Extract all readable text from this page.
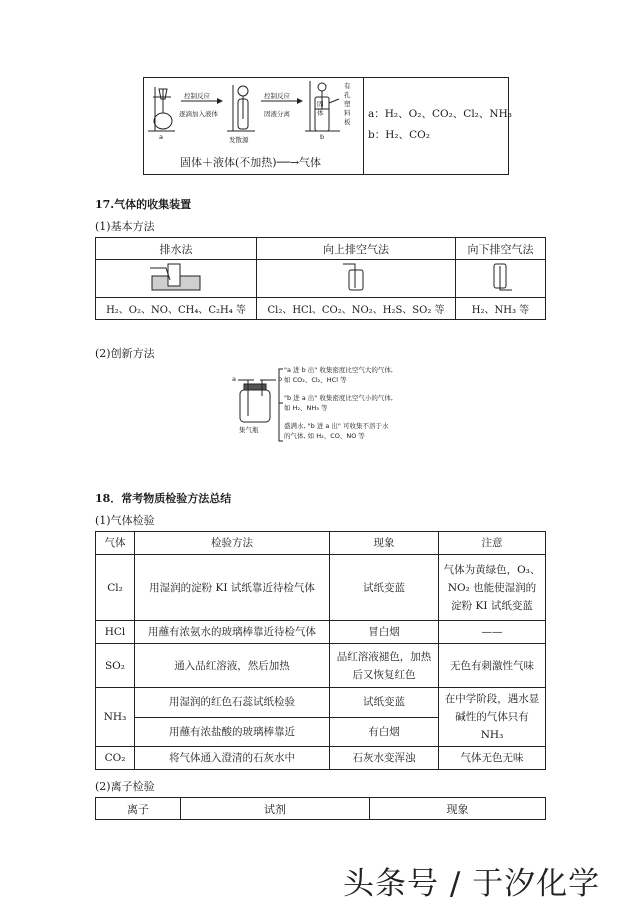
a
控制反应
逐滴加入液体
发散源
控制反应
固液分离
b
固体
有孔塑料板
固体＋液体(不加热)──→气体
a：H₂、O₂、CO₂、Cl₂、NH₃
b：H₂、CO₂
17.气体的收集装置
(1)基本方法
排水法	向上排空气法	向下排空气法

H₂、O₂、NO、CH₄、C₂H₄ 等	Cl₂、HCl、CO₂、NO₂、H₂S、SO₂ 等	H₂、NH₃ 等
(2)创新方法
a	b
集气瓶
"a 进 b 出" 收集密度比空气大的气体,
如 CO₂、Cl₂、HCl 等
"b 进 a 出" 收集密度比空气小的气体,
如 H₂、NH₃ 等
盛满水, "b 进 a 出" 可收集不溶于水
的气体, 如 H₂、CO、NO 等
18．常考物质检验方法总结
(1)气体检验
气体	检验方法	现象	注意
Cl₂	用湿润的淀粉 KI 试纸靠近待检气体	试纸变蓝	气体为黄绿色，O₃、NO₂ 也能使湿润的淀粉 KI 试纸变蓝
HCl	用蘸有浓氨水的玻璃棒靠近待检气体	冒白烟	——
SO₂	通入品红溶液，然后加热	品红溶液褪色，加热后又恢复红色	无色有刺激性气味
NH₃	用湿润的红色石蕊试纸检验	试纸变蓝	在中学阶段，遇水显碱性的气体只有 NH₃
	用蘸有浓盐酸的玻璃棒靠近	有白烟	
CO₂	将气体通入澄清的石灰水中	石灰水变浑浊	气体无色无味
(2)离子检验
离子	试剂	现象
头条号 / 于汐化学
